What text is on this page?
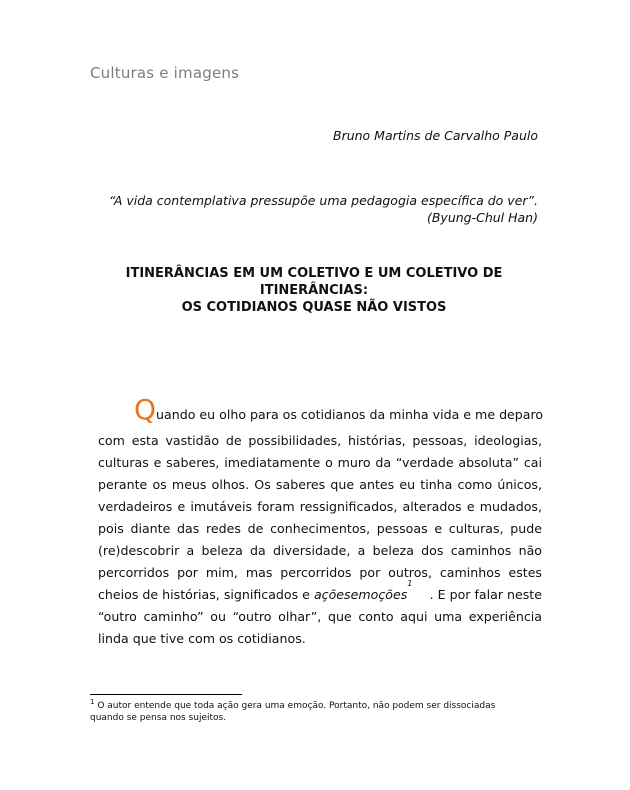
Culturas e imagens
Bruno Martins de Carvalho Paulo
“A vida contemplativa pressupõe uma pedagogia específica do ver”.
(Byung-Chul Han)
ITINERÂNCIAS EM UM COLETIVO E UM COLETIVO DE
ITINERÂNCIAS:
OS COTIDIANOS QUASE NÃO VISTOS
Quando eu olho para os cotidianos da minha vida e me deparo
com esta vastidão de possibilidades, histórias, pessoas, ideologias,
culturas e saberes, imediatamente o muro da “verdade absoluta” cai
perante os meus olhos. Os saberes que antes eu tinha como únicos,
verdadeiros e imutáveis foram ressignificados, alterados e mudados,
pois diante das redes de conhecimentos, pessoas e culturas, pude
(re)descobrir a beleza da diversidade, a beleza dos caminhos não
percorridos por mim, mas percorridos por outros, caminhos estes
cheios de histórias, significados e açõesemoções
1
. E por falar neste
“outro caminho” ou “outro olhar”, que conto aqui uma experiência
linda que tive com os cotidianos.
$^1$ O autor entende que toda ação gera uma emoção. Portanto, não podem ser dissociadas
quando se pensa nos sujeitos.
